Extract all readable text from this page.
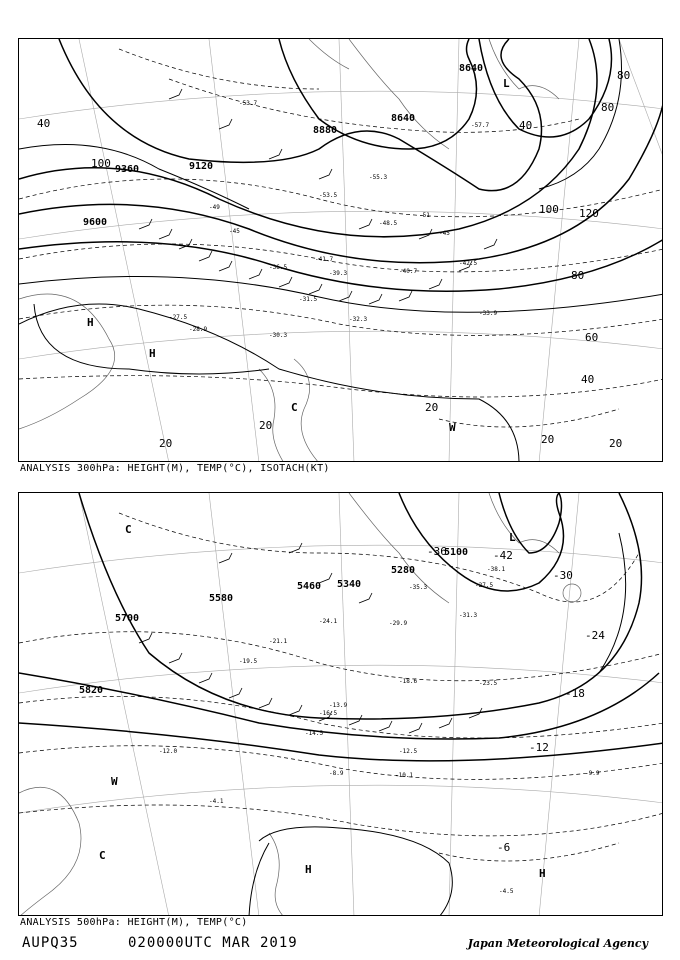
8640
8880
9120
9360
9600
8640
40
80
100 120
80
40
20
20
20	20	20
100
80
40
60
H
H
L
C
W
-55.3
-53.5
-51
-48.5
-45
-42.5
-40.7
-39.3
-36.5
-33.9
-31.5
-28.9
-27.5
-30.3
-32.3
-45
-57.7
-49
-53.7
-41.7
ANALYSIS 300hPa: HEIGHT(M), TEMP(°C), ISOTACH(KT)
5100
5280
5460
5580
5700
5820
5340
-42
-36
-30
-24
-18
-12
-6
L
H	H
C
C
W
-31.3
-27.5
-24.1
-21.1
-18.6
-16.5
-14.5
-12.5
-10.1
-8.9	-9.9
-4.5
-4.1
-12.0
-13.9
-19.5
-23.5
-29.9
-35.3
-38.1
ANALYSIS 500hPa: HEIGHT(M), TEMP(°C)
AUPQ35	020000UTC MAR 2019	Japan Meteorological Agency
